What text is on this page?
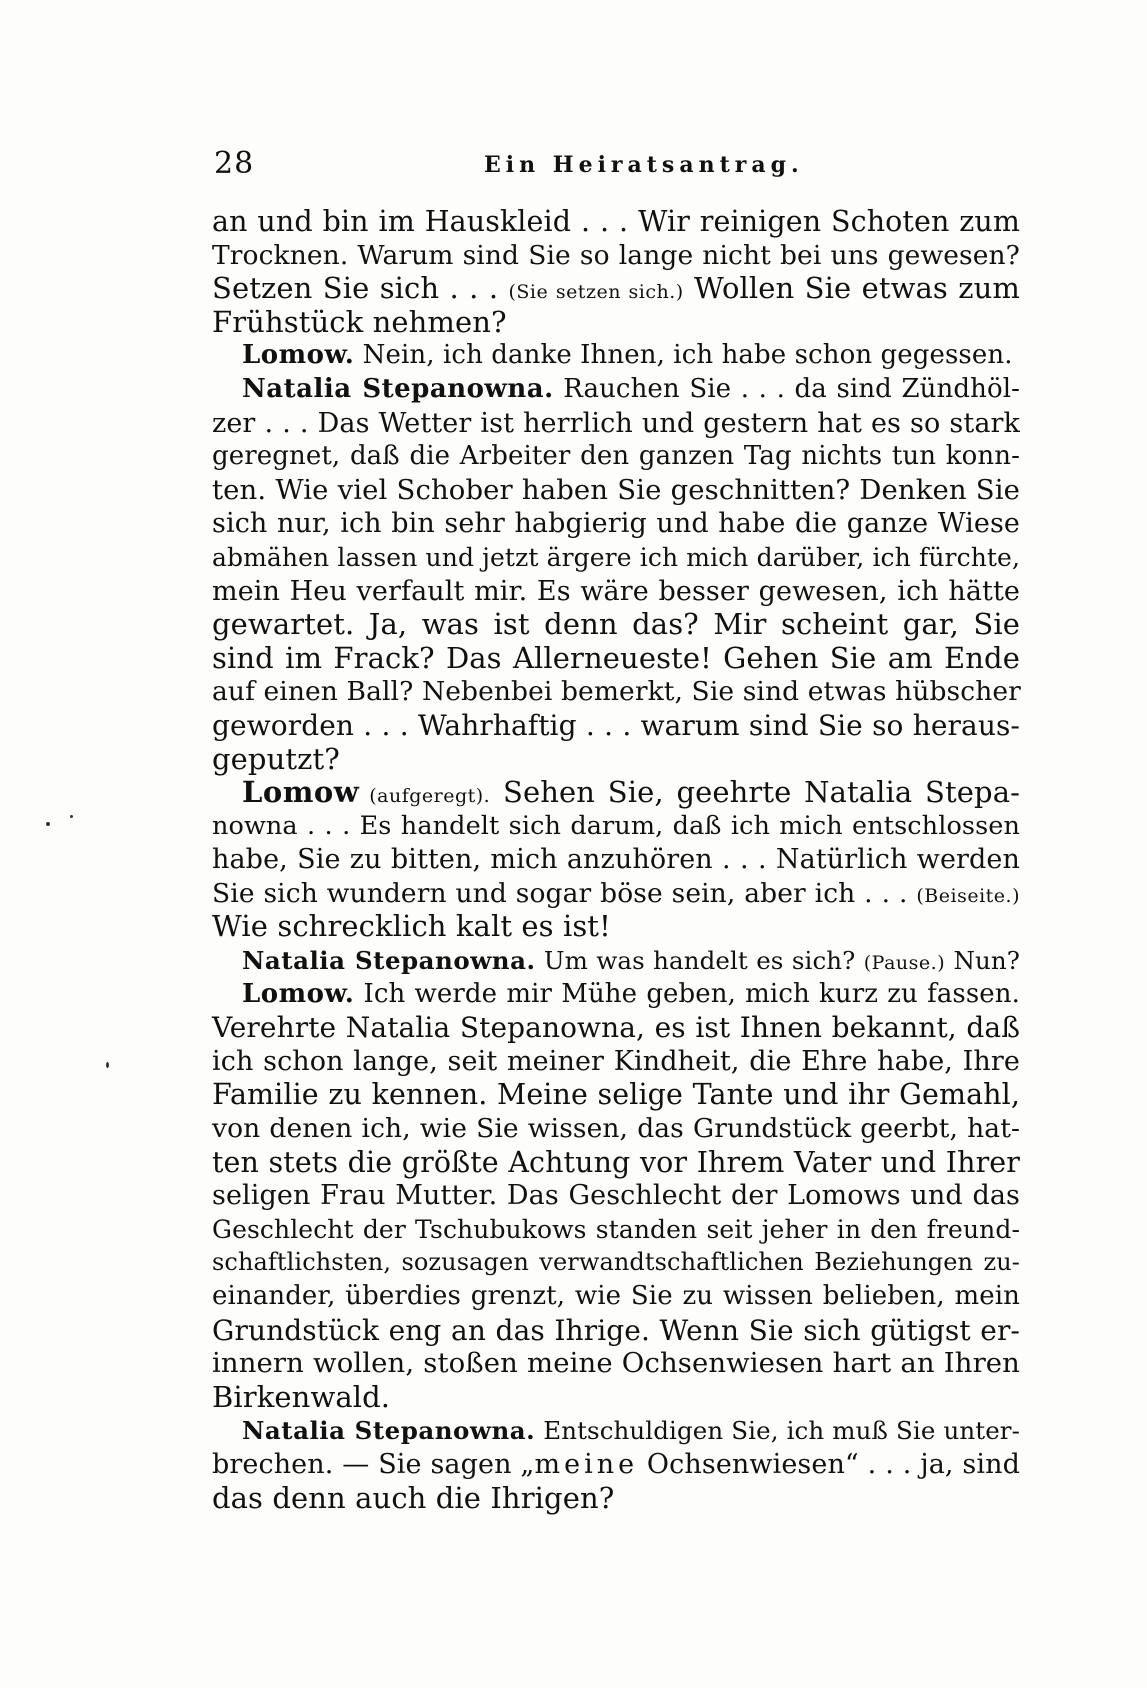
28	Ein Heiratsantrag.
an und bin im Hauskleid . . . Wir reinigen Schoten zum
Trocknen. Warum sind Sie so lange nicht bei uns gewesen?
Setzen Sie sich . . . (Sie setzen sich.) Wollen Sie etwas zum
Frühstück nehmen?
Lomow. Nein, ich danke Ihnen, ich habe schon gegessen.
Natalia Stepanowna. Rauchen Sie . . . da sind Zündhöl-
zer . . . Das Wetter ist herrlich und gestern hat es so stark
geregnet, daß die Arbeiter den ganzen Tag nichts tun konn-
ten. Wie viel Schober haben Sie geschnitten? Denken Sie
sich nur, ich bin sehr habgierig und habe die ganze Wiese
abmähen lassen und jetzt ärgere ich mich darüber, ich fürchte,
mein Heu verfault mir. Es wäre besser gewesen, ich hätte
gewartet. Ja, was ist denn das? Mir scheint gar, Sie
sind im Frack? Das Allerneueste! Gehen Sie am Ende
auf einen Ball? Nebenbei bemerkt, Sie sind etwas hübscher
geworden . . . Wahrhaftig . . . warum sind Sie so heraus-
geputzt?
Lomow (aufgeregt). Sehen Sie, geehrte Natalia Stepa-
nowna . . . Es handelt sich darum, daß ich mich entschlossen
habe, Sie zu bitten, mich anzuhören . . . Natürlich werden
Sie sich wundern und sogar böse sein, aber ich . . . (Beiseite.)
Wie schrecklich kalt es ist!
Natalia Stepanowna. Um was handelt es sich? (Pause.) Nun?
Lomow. Ich werde mir Mühe geben, mich kurz zu fassen.
Verehrte Natalia Stepanowna, es ist Ihnen bekannt, daß
ich schon lange, seit meiner Kindheit, die Ehre habe, Ihre
Familie zu kennen. Meine selige Tante und ihr Gemahl,
von denen ich, wie Sie wissen, das Grundstück geerbt, hat-
ten stets die größte Achtung vor Ihrem Vater und Ihrer
seligen Frau Mutter. Das Geschlecht der Lomows und das
Geschlecht der Tschubukows standen seit jeher in den freund-
schaftlichsten, sozusagen verwandtschaftlichen Beziehungen zu-
einander, überdies grenzt, wie Sie zu wissen belieben, mein
Grundstück eng an das Ihrige. Wenn Sie sich gütigst er-
innern wollen, stoßen meine Ochsenwiesen hart an Ihren
Birkenwald.
Natalia Stepanowna. Entschuldigen Sie, ich muß Sie unter-
brechen. — Sie sagen „meine Ochsenwiesen“ . . . ja, sind
das denn auch die Ihrigen?
